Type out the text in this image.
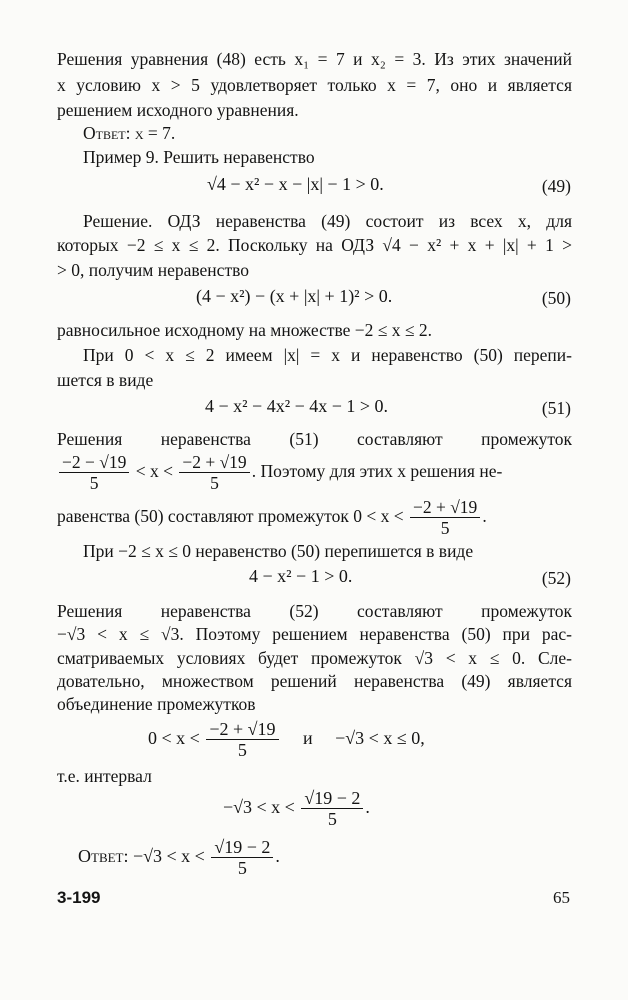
Решения уравнения (48) есть x₁ = 7 и x₂ = 3. Из этих значений
x условию x > 5 удовлетворяет только x = 7, оно и является
решением исходного уравнения.
Ответ: x = 7.
Пример 9. Решить неравенство
√4 − x² − x − |x| − 1 > 0.	(49)
Решение. ОДЗ неравенства (49) состоит из всех x, для
которых −2 ≤ x ≤ 2. Поскольку на ОДЗ √4 − x² + x + |x| + 1 >
> 0, получим неравенство
(4 − x²) − (x + |x| + 1)² > 0.	(50)
равносильное исходному на множестве −2 ≤ x ≤ 2.
При 0 < x ≤ 2 имеем |x| = x и неравенство (50) перепи-
шется в виде
4 − x² − 4x² − 4x − 1 > 0.	(51)
Решения неравенства (51) составляют промежуток
$\frac{-2 - √19}{5} < x < \frac{-2 + √19}{5}$ . Поэтому для этих x решения не-
равенства (50) составляют промежуток $0 < x < \frac{-2 + √19}{5}$ .
При −2 ≤ x ≤ 0 неравенство (50) перепишется в виде
4 − x² − 1 > 0.	(52)
Решения неравенства (52) составляют промежуток
−√3 < x ≤ √3. Поэтому решением неравенства (50) при рас-
сматриваемых условиях будет промежуток √3 < x ≤ 0. Сле-
довательно, множеством решений неравенства (49) является
объединение промежутков
$0 < x < \frac{-2 + √19}{5}$ и −√3 < x ≤ 0,
т.е. интервал
$-√3 < x < \frac{√19 - 2}{5}$ .
Ответ: $-√3 < x < \frac{√19 - 2}{5}$ .
3-199	65
